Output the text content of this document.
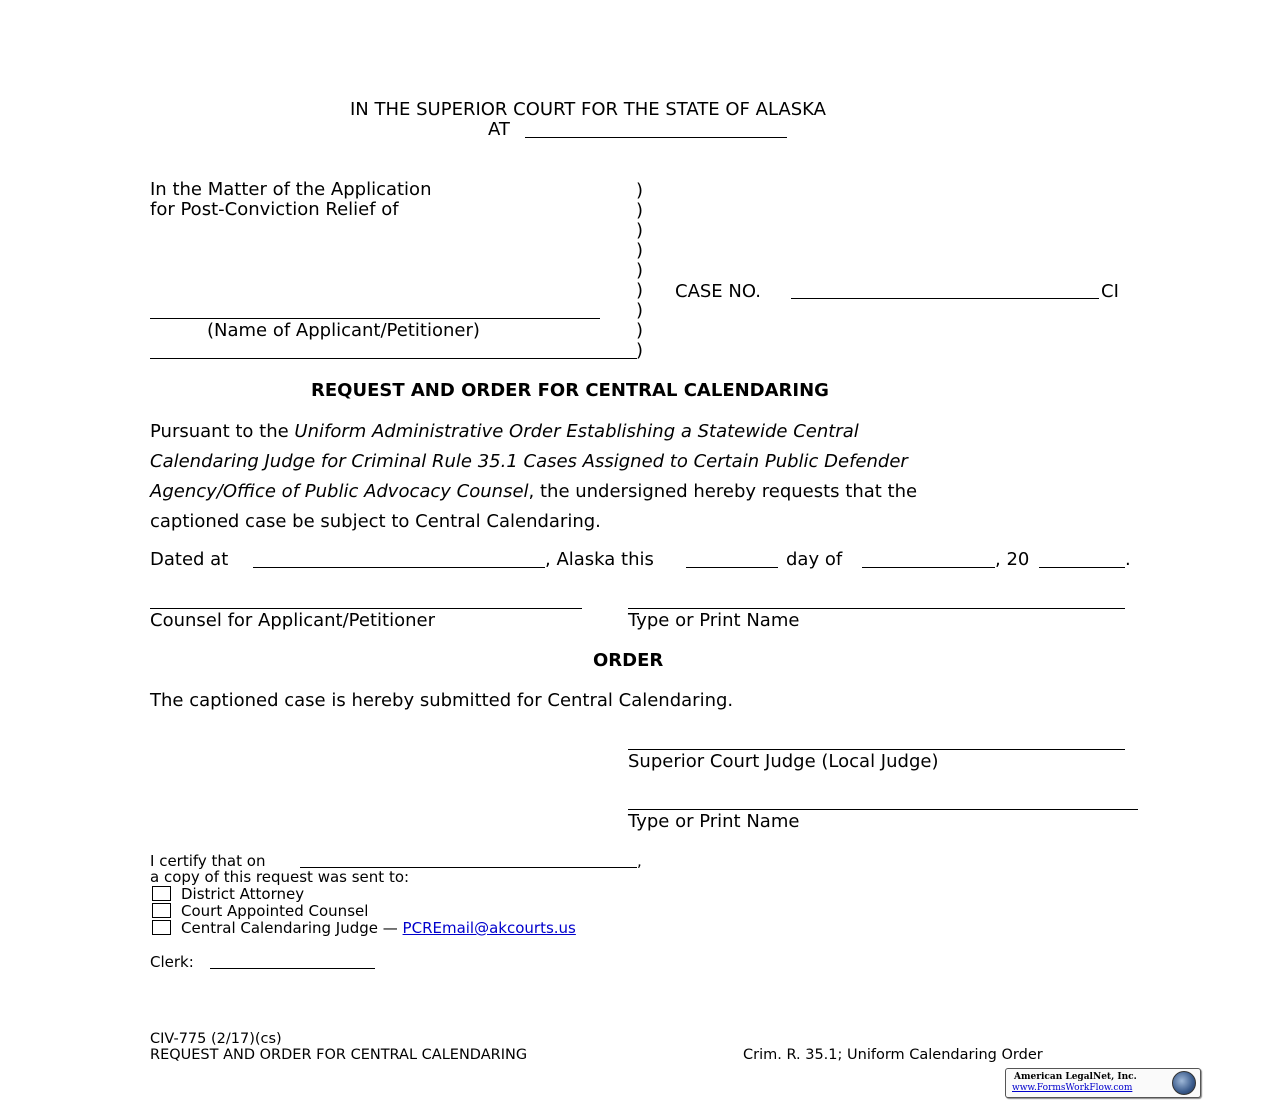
IN THE SUPERIOR COURT FOR THE STATE OF ALASKA
AT
In the Matter of the Application
for Post-Conviction Relief of
)
)
)
)
)
)
)
)
)
(Name of Applicant/Petitioner)
CASE NO.	CI
REQUEST AND ORDER FOR CENTRAL CALENDARING
Pursuant to the Uniform Administrative Order Establishing a Statewide Central
Calendaring Judge for Criminal Rule 35.1 Cases Assigned to Certain Public Defender
Agency/Office of Public Advocacy Counsel, the undersigned hereby requests that the
captioned case be subject to Central Calendaring.
Dated at	, Alaska this	day of	, 20	.
Counsel for Applicant/Petitioner	Type or Print Name
ORDER
The captioned case is hereby submitted for Central Calendaring.
Superior Court Judge (Local Judge)
Type or Print Name
I certify that on	,
a copy of this request was sent to:
District Attorney
Court Appointed Counsel
Central Calendaring Judge — PCREmail@akcourts.us
Clerk:
CIV-775 (2/17)(cs)
REQUEST AND ORDER FOR CENTRAL CALENDARING	Crim. R. 35.1; Uniform Calendaring Order
American LegalNet, Inc.
www.FormsWorkFlow.com
